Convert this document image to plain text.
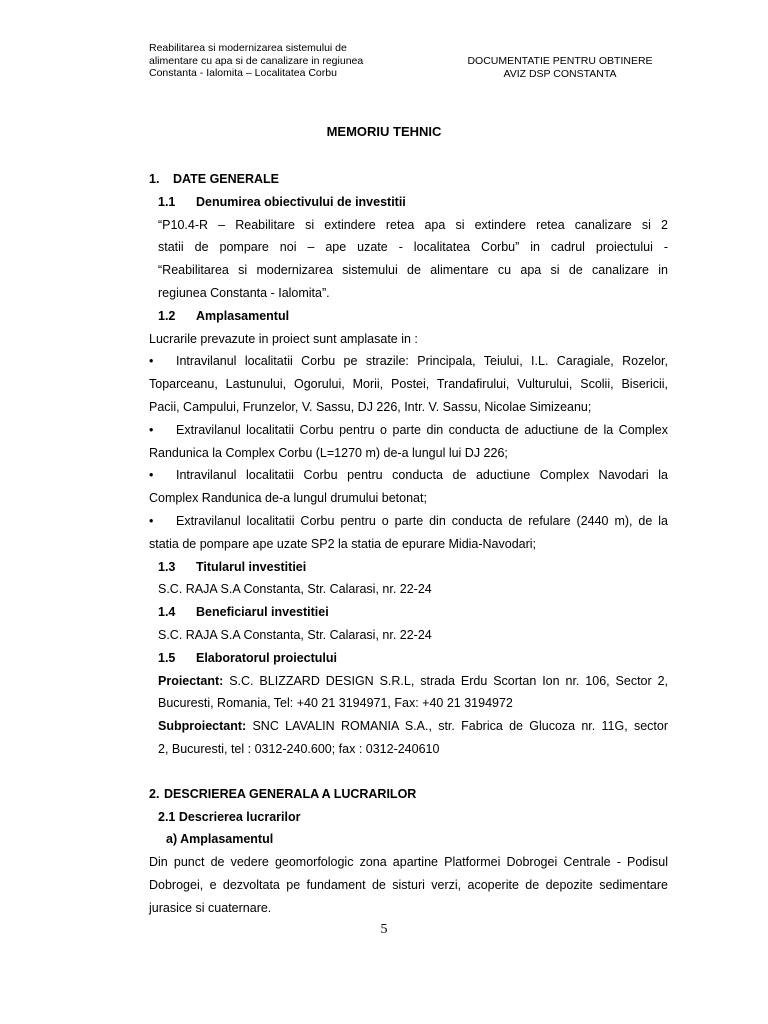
Reabilitarea si modernizarea sistemului de
alimentare cu apa si de canalizare in regiunea
Constanta - Ialomita – Localitatea Corbu
DOCUMENTATIE PENTRU OBTINERE
AVIZ DSP CONSTANTA
MEMORIU TEHNIC
1. DATE GENERALE
1.1 Denumirea obiectivului de investitii
“P10.4-R – Reabilitare si extindere retea apa si extindere retea canalizare si 2
statii de pompare noi – ape uzate - localitatea Corbu” in cadrul proiectului -
“Reabilitarea si modernizarea sistemului de alimentare cu apa si de canalizare in
regiunea Constanta - Ialomita”.
1.2 Amplasamentul
Lucrarile prevazute in proiect sunt amplasate in :
• Intravilanul localitatii Corbu pe strazile: Principala, Teiului, I.L. Caragiale, Rozelor,
Toparceanu, Lastunului, Ogorului, Morii, Postei, Trandafirului, Vulturului, Scolii, Bisericii,
Pacii, Campului, Frunzelor, V. Sassu, DJ 226, Intr. V. Sassu, Nicolae Simizeanu;
• Extravilanul localitatii Corbu pentru o parte din conducta de aductiune de la Complex
Randunica la Complex Corbu (L=1270 m) de-a lungul lui DJ 226;
• Intravilanul localitatii Corbu pentru conducta de aductiune Complex Navodari la
Complex Randunica de-a lungul drumului betonat;
• Extravilanul localitatii Corbu pentru o parte din conducta de refulare (2440 m), de la
statia de pompare ape uzate SP2 la statia de epurare Midia-Navodari;
1.3 Titularul investitiei
S.C. RAJA S.A Constanta, Str. Calarasi, nr. 22-24
1.4 Beneficiarul investitiei
S.C. RAJA S.A Constanta, Str. Calarasi, nr. 22-24
1.5 Elaboratorul proiectului
Proiectant: S.C. BLIZZARD DESIGN S.R.L, strada Erdu Scortan Ion nr. 106, Sector 2,
Bucuresti, Romania, Tel: +40 21 3194971, Fax: +40 21 3194972
Subproiectant: SNC LAVALIN ROMANIA S.A., str. Fabrica de Glucoza nr. 11G, sector
2, Bucuresti, tel : 0312-240.600; fax : 0312-240610
2. DESCRIEREA GENERALA A LUCRARILOR
2.1 Descrierea lucrarilor
a) Amplasamentul
Din punct de vedere geomorfologic zona apartine Platformei Dobrogei Centrale - Podisul
Dobrogei, e dezvoltata pe fundament de sisturi verzi, acoperite de depozite sedimentare
jurasice si cuaternare.
5
